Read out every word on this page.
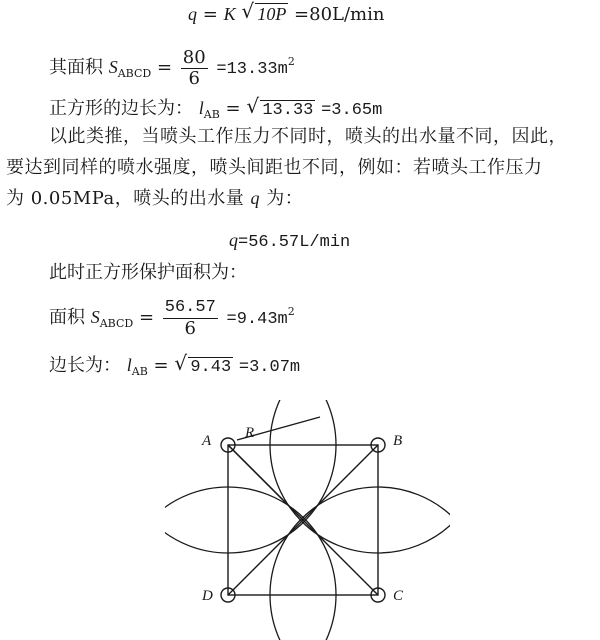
q = K √ 10P =80L/min
其面积 $S_{ABCD} = \frac{80}{6} =13.33m^2$
正方形的边长为： $l_{AB}$ = √ 13.33 =3.65m
以此类推，当喷头工作压力不同时，喷头的出水量不同，因此，
要达到同样的喷水强度，喷头间距也不同，例如：若喷头工作压力
为 0.05MPa，喷头的出水量 q 为：
q=56.57L/min
此时正方形保护面积为：
面积 $S_{ABCD} = \frac{56.57}{6} =9.43m^2$
边长为： $l_{AB}$ = √ 9.43 =3.07m
A	B
C
D
R
